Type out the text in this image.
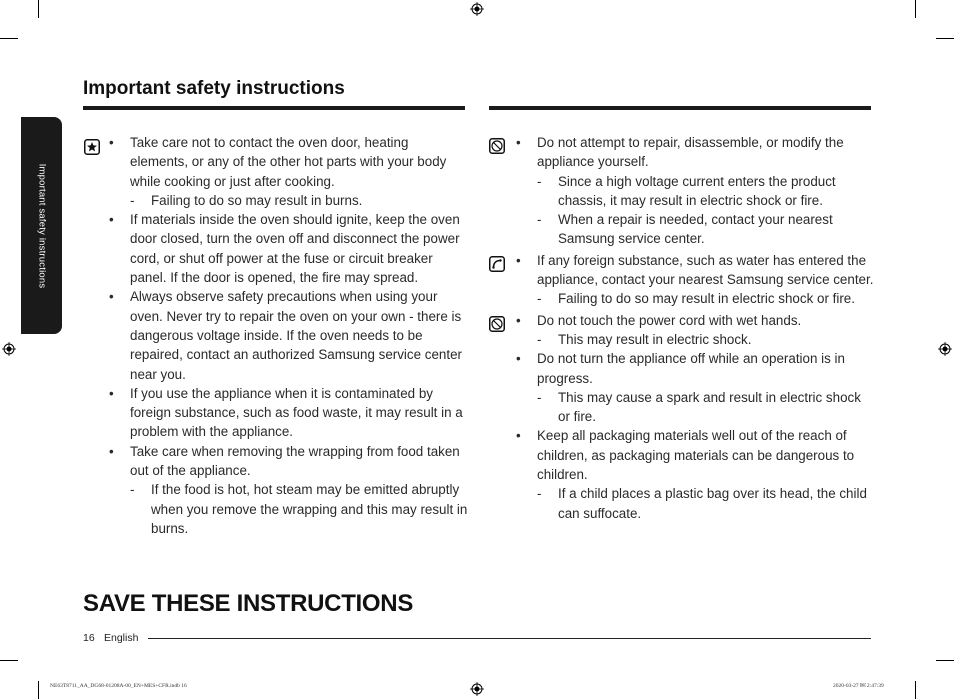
Important safety instructions
Important safety instructions

• Take care not to contact the oven door, heating elements, or any of the other hot parts with your body while cooking or just after cooking.

- Failing to do so may result in burns.

• If materials inside the oven should ignite, keep the oven door closed, turn the oven off and disconnect the power cord, or shut off power at the fuse or circuit breaker panel. If the door is opened, the fire may spread.

• Always observe safety precautions when using your oven. Never try to repair the oven on your own - there is dangerous voltage inside. If the oven needs to be repaired, contact an authorized Samsung service center near you.

• If you use the appliance when it is contaminated by foreign substance, such as food waste, it may result in a problem with the appliance.

• Take care when removing the wrapping from food taken out of the appliance.

- If the food is hot, hot steam may be emitted abruptly when you remove the wrapping and this may result in burns.

• Do not attempt to repair, disassemble, or modify the appliance yourself.

- Since a high voltage current enters the product chassis, it may result in electric shock or fire.

- When a repair is needed, contact your nearest Samsung service center.

• If any foreign substance, such as water has entered the appliance, contact your nearest Samsung service center.

- Failing to do so may result in electric shock or fire.

• Do not touch the power cord with wet hands.

- This may result in electric shock.

• Do not turn the appliance off while an operation is in progress.

- This may cause a spark and result in electric shock or fire.

• Keep all packaging materials well out of the reach of children, as packaging materials can be dangerous to children.

- If a child places a plastic bag over its head, the child can suffocate.

SAVE THESE INSTRUCTIONS
16 English
NE63T8711_AA_DG68-01208A-00_EN+MES+CFR.indb 16	2020-03-27 ￼ 2:47:39
